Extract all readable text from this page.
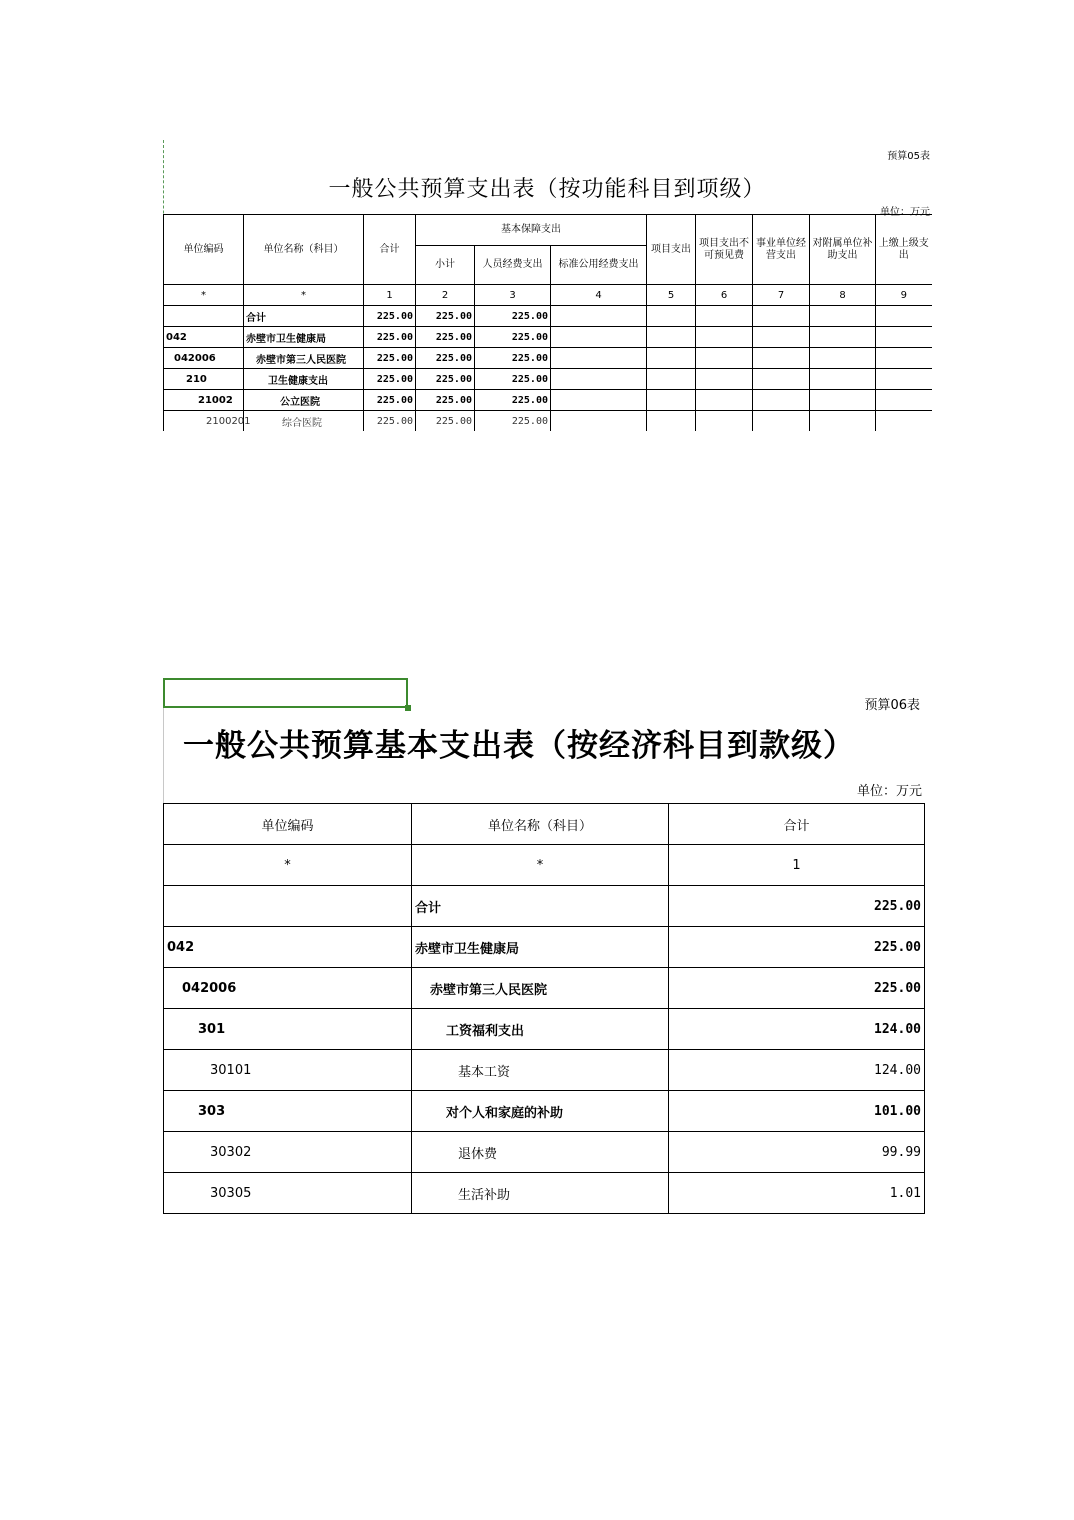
预算05表
一般公共预算支出表（按功能科目到项级）
单位：万元
单位编码	单位名称（科目）	合计	基本保障支出			项目支出	项目支出不可预见费	事业单位经营支出	对附属单位补助支出	上缴上级支出
			小计	人员经费支出	标准公用经费支出					
*	*	1	2	3	4	5	6	7	8	9
	合计	225.00	225.00	225.00						
042	赤壁市卫生健康局	225.00	225.00	225.00						
042006	赤壁市第三人民医院	225.00	225.00	225.00						
210	卫生健康支出	225.00	225.00	225.00						
21002	公立医院	225.00	225.00	225.00						
2100201	综合医院	225.00	225.00	225.00						
预算06表
一般公共预算基本支出表（按经济科目到款级）
单位：万元
单位编码	单位名称（科目）	合计
*	*	1
	合计	225.00
042	赤壁市卫生健康局	225.00
042006	赤壁市第三人民医院	225.00
301	工资福利支出	124.00
30101	基本工资	124.00
303	对个人和家庭的补助	101.00
30302	退休费	99.99
30305	生活补助	1.01
